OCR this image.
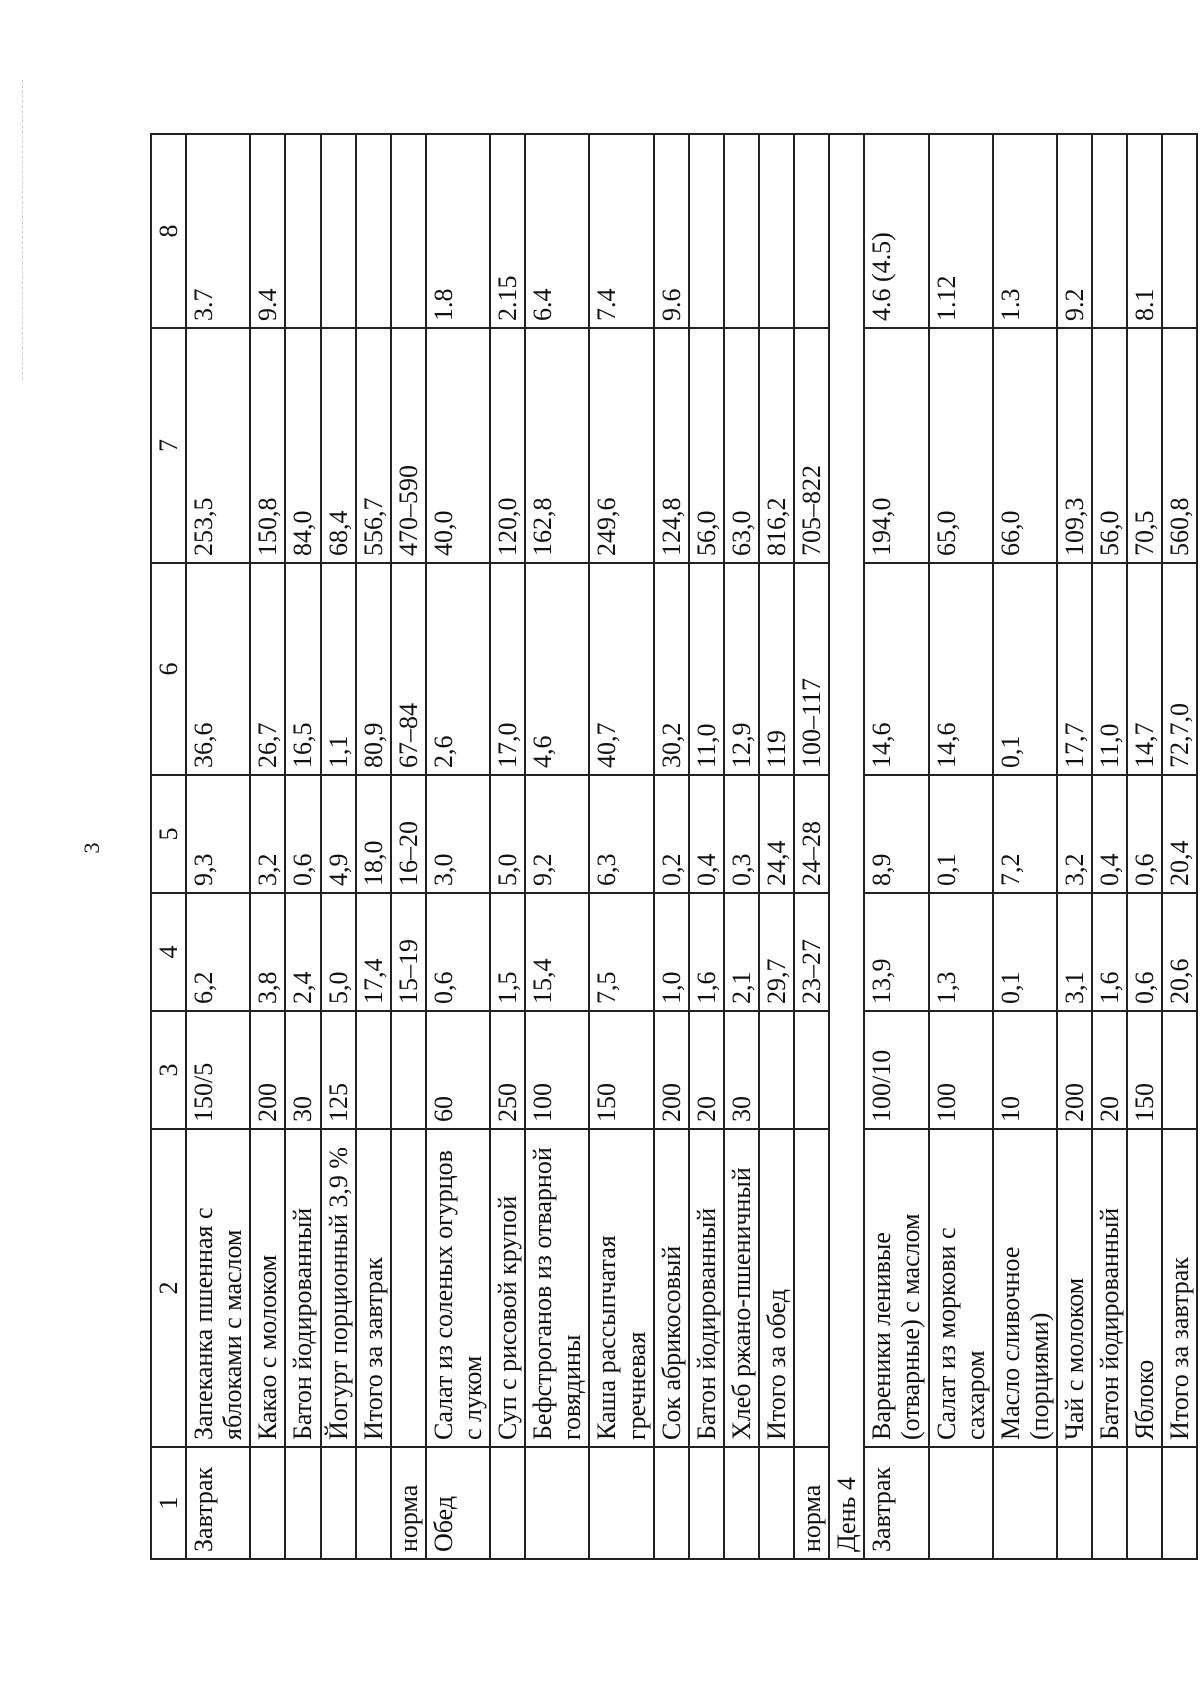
3
1	2	3	4	5	6	7	8
Завтрак	Запеканка пшенная с яблоками с маслом	150/5	6,2	9,3	36,6	253,5	3.7
	Какао с молоком	200	3,8	3,2	26,7	150,8	9.4
	Батон йодированный	30	2,4	0,6	16,5	84,0	
	Йогурт порционный 3,9 %	125	5,0	4,9	1,1	68,4	
	Итого за завтрак		17,4	18,0	80,9	556,7	
норма			15–19	16–20	67–84	470–590	
Обед	Салат из соленых огурцов с луком	60	0,6	3,0	2,6	40,0	1.8
	Суп с рисовой крупой	250	1,5	5,0	17,0	120,0	2.15
	Бефстроганов из отварной говядины	100	15,4	9,2	4,6	162,8	6.4
	Каша рассыпчатая гречневая	150	7,5	6,3	40,7	249,6	7.4
	Сок абрикосовый	200	1,0	0,2	30,2	124,8	9.6
	Батон йодированный	20	1,6	0,4	11,0	56,0	
	Хлеб ржано-пшеничный	30	2,1	0,3	12,9	63,0	
	Итого за обед		29,7	24,4	119	816,2	
норма			23–27	24–28	100–117	705–822	
День 4							
Завтрак	Вареники ленивые (отварные) с маслом	100/10	13,9	8,9	14,6	194,0	4.6 (4.5)
	Салат из моркови с сахаром	100	1,3	0,1	14,6	65,0	1.12
	Масло сливочное (порциями)	10	0,1	7,2	0,1	66,0	1.3
	Чай с молоком	200	3,1	3,2	17,7	109,3	9.2
	Батон йодированный	20	1,6	0,4	11,0	56,0	
	Яблоко	150	0,6	0,6	14,7	70,5	8.1
	Итого за завтрак		20,6	20,4	72,7,0	560,8	
